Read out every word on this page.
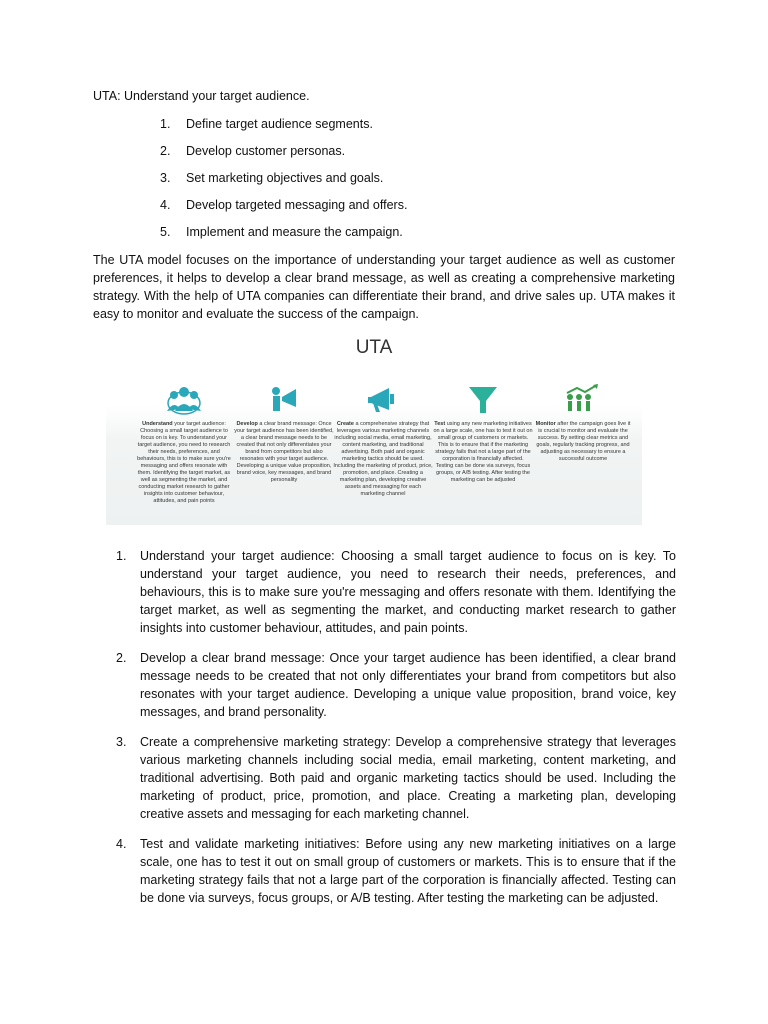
UTA: Understand your target audience.
1.	Define target audience segments.
2.	Develop customer personas.
3.	Set marketing objectives and goals.
4.	Develop targeted messaging and offers.
5.	Implement and measure the campaign.

The UTA model focuses on the importance of understanding your target audience as well as customer preferences, it helps to develop a clear brand message, as well as creating a comprehensive marketing strategy. With the help of UTA companies can differentiate their brand, and drive sales up. UTA makes it easy to monitor and evaluate the success of the campaign.

UTA
Understand your target audience: Choosing a small target audience to focus on is key. To understand your target audience, you need to research their needs, preferences, and behaviours, this is to make sure you're messaging and offers resonate with them. Identifying the target market, as well as segmenting the market, and conducting market research to gather insights into customer behaviour, attitudes, and pain points
Develop a clear brand message: Once your target audience has been identified, a clear brand message needs to be created that not only differentiates your brand from competitors but also resonates with your target audience. Developing a unique value proposition, brand voice, key messages, and brand personality
Create a comprehensive strategy that leverages various marketing channels including social media, email marketing, content marketing, and traditional advertising. Both paid and organic marketing tactics should be used. Including the marketing of product, price, promotion, and place. Creating a marketing plan, developing creative assets and messaging for each marketing channel
Test using any new marketing initiatives on a large scale, one has to test it out on small group of customers or markets. This is to ensure that if the marketing strategy fails that not a large part of the corporation is financially affected. Testing can be done via surveys, focus groups, or A/B testing. After testing the marketing can be adjusted
Monitor after the campaign goes live it is crucial to monitor and evaluate the success. By setting clear metrics and goals, regularly tracking progress, and adjusting as necessary to ensure a successful outcome
1.	Understand your target audience: Choosing a small target audience to focus on is key. To understand your target audience, you need to research their needs, preferences, and behaviours, this is to make sure you're messaging and offers resonate with them. Identifying the target market, as well as segmenting the market, and conducting market research to gather insights into customer behaviour, attitudes, and pain points.
2.	Develop a clear brand message: Once your target audience has been identified, a clear brand message needs to be created that not only differentiates your brand from competitors but also resonates with your target audience. Developing a unique value proposition, brand voice, key messages, and brand personality.
3.	Create a comprehensive marketing strategy: Develop a comprehensive strategy that leverages various marketing channels including social media, email marketing, content marketing, and traditional advertising. Both paid and organic marketing tactics should be used. Including the marketing of product, price, promotion, and place. Creating a marketing plan, developing creative assets and messaging for each marketing channel.
4.	Test and validate marketing initiatives: Before using any new marketing initiatives on a large scale, one has to test it out on small group of customers or markets. This is to ensure that if the marketing strategy fails that not a large part of the corporation is financially affected. Testing can be done via surveys, focus groups, or A/B testing. After testing the marketing can be adjusted.
